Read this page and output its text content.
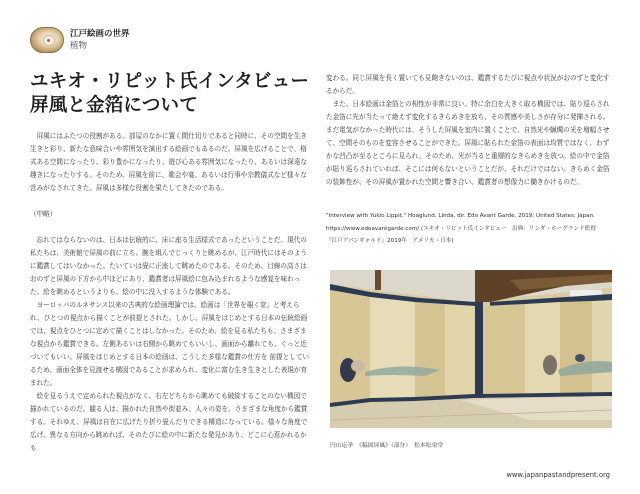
江戸絵画の世界
植物
ユキオ・リピット氏インタビュー
屏風と金箔について

屏風にはふたつの役割がある。部屋のなかに置く間仕切りであると同時に、その空間を生き生きと彩り、新たな意味合いや雰囲気を演出する絵画でもあるのだ。屏風を広げることで、格式ある空間になったり、彩り豊かになったり、遊び心ある雰囲気になったり、あるいは深遠な趣きになったりする。そのため、屏風を前に、歌会や宴、あるいは行事や宗教儀式など様々な営みがなされてきた。屏風は多様な役割を果たしてきたのである。

（中略）

忘れてはならないのは、日本は伝統的に、床に座る生活様式であったということだ。現代の私たちは、美術館で屏風の前に立ち、腕を組んでじっくりと眺めるが、江戸時代にはそのように鑑賞してはいなかった。たいていは畳に正座して眺めたのである。そのため、目線の高さはおのずと屏風の下方から中ほどにあり、鑑賞者は屏風絵に包み込まれるような感覚を味わった。絵を眺めるというよりも、絵の中に没入するような体験である。

ヨーロッパのルネサンス以来の古典的な絵画理論では、絵画は「世界を覗く窓」と考えられ、ひとつの視点から描くことが前提とされた。しかし、屏風をはじめとする日本の伝統絵画では、視点をひとつに定めて描くことはしなかった。そのため、絵を見る私たちも、さまざまな視点から鑑賞できる。左側あるいは右側から眺めてもいいし、画面から離れても、ぐっと近づいてもいい。屏風をはじめとする日本の絵画は、こうした多様な鑑賞の仕方を 前提としているため、画面全体を見渡せる構図であることが求められ、変化に富む生き生きとした表現が育まれた。

絵を見るうえで定められた視点がなく、右左どちらから眺めても破綻することのない構図で描かれているのだ。観る人は、描かれた自然や街並み、人々の姿を、さまざまな角度から鑑賞する。それゆえ、屏風は自在に広げたり折り畳んだりできる構造になっている。様々な角度で広げ、異なる方向から眺めれば、そのたびに絵の中に新たな発見があり、どこに心惹かれるかも

変わる。同じ屏風を長く置いても見飽きないのは、鑑賞するたびに視点や状況がおのずと変化するからだ。

また、日本絵画は金箔との相性が非常に良い。特に余白を大きく取る構図では、貼り巡らされた金箔に光が当たって絶えず変化するきらめきを放ち、その質感や美しさが存分に発揮される。まだ電気がなかった時代には、そうした屏風を室内に置くことで、自然光や蝋燭の光を増幅させて、空間そのものを変容させることができた。屏風に貼られた金箔の表面は均質ではなく、わずかな凹凸が至るところに見られ、そのため、光が当ると重層的なきらめきを放つ。絵の中で金箔が貼り巡らされていれば、そこには何もないということだが、それだけではない。きらめく金箔の装飾性が、その屏風が置かれた空間と響き合い、鑑賞者の想像力に働きかけるのだ。

"Interview with Yukio Lippit." Hoaglund, Linda, dir. Edo Avant Garde. 2019; United States; Japan.
https://www.edoavantgarde.com/ (ユキオ・リピット氏インタビュー　出典：リンダ・ホーグランド監督
『江戸アバンギャルド』2019年　アメリカ・日本)
円山応挙　《稿図屏風》（部分）　松本松栄堂
www.japanpastandpresent.org
